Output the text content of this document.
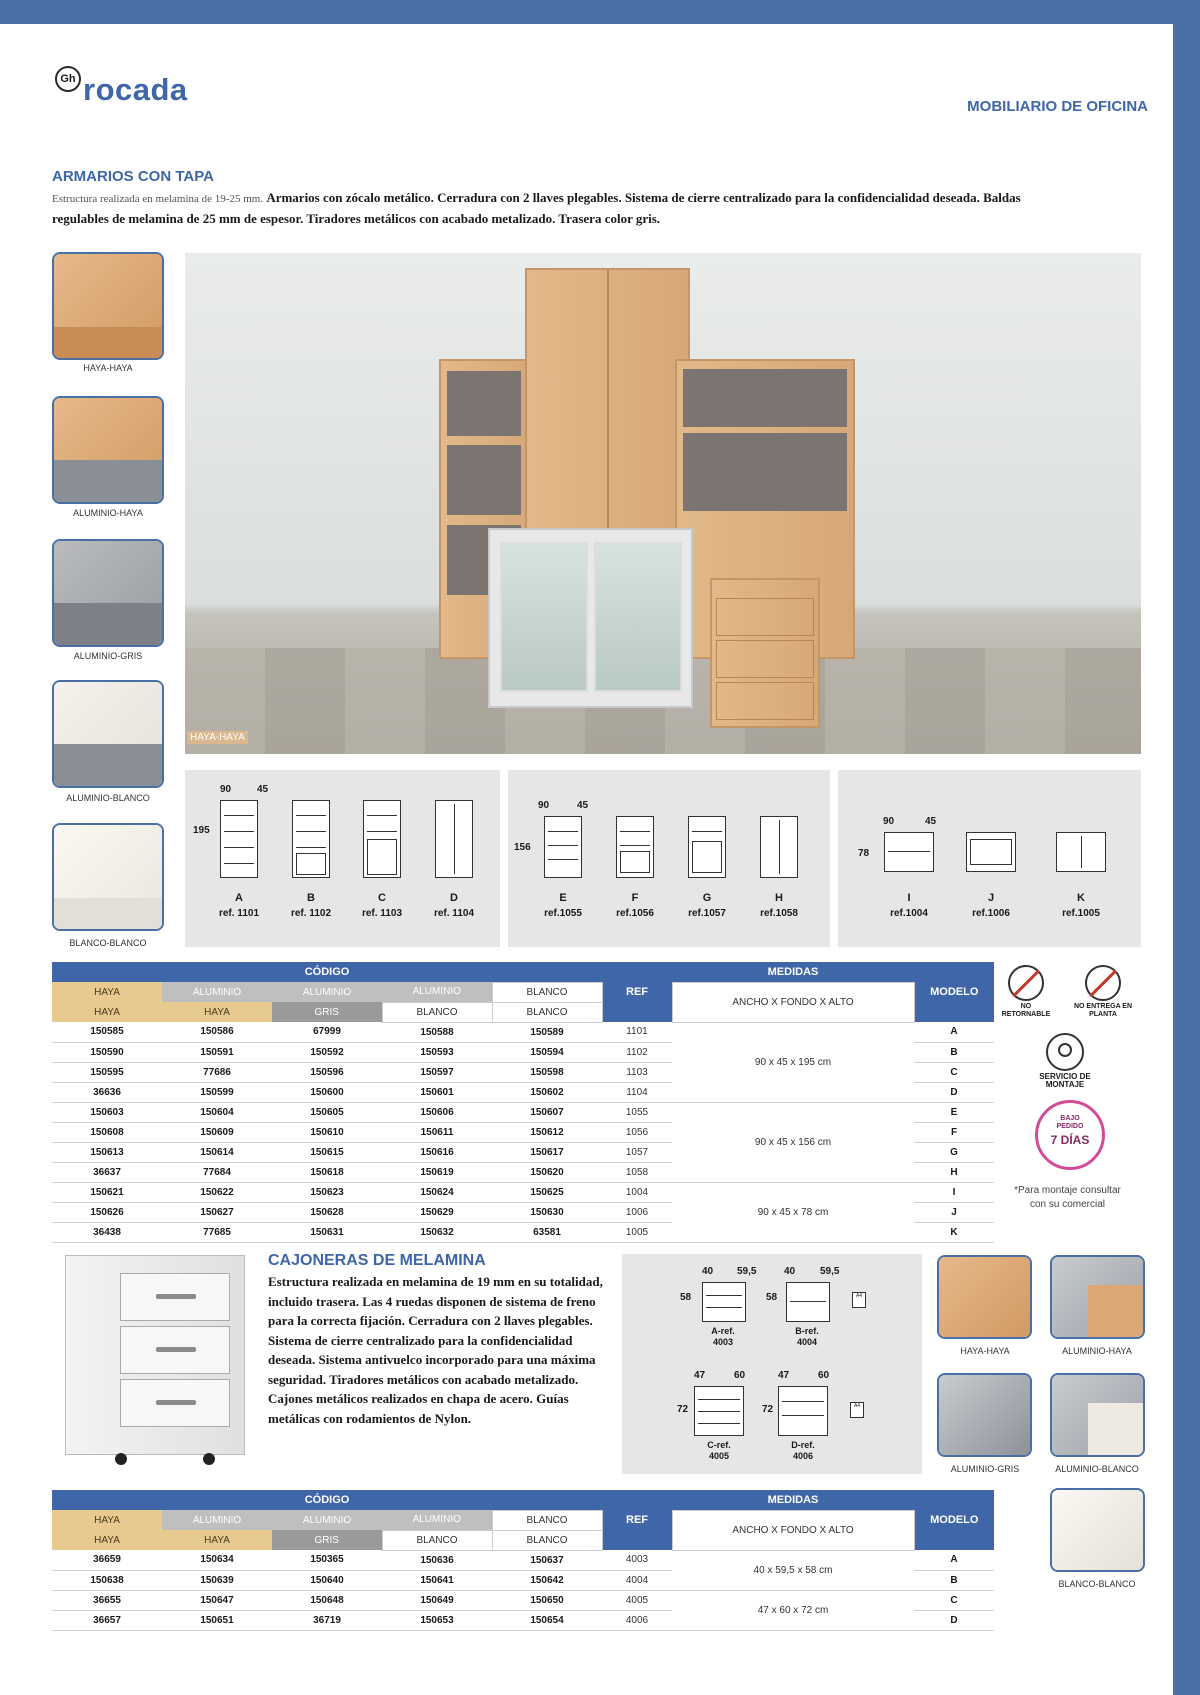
Gh rocada	MOBILIARIO DE OFICINA
ARMARIOS CON TAPA
Estructura realizada en melamina de 19-25 mm. Armarios con zócalo metálico. Cerradura con 2 llaves plegables. Sistema de cierre centralizado para la confidencialidad deseada. Baldas regulables de melamina de 25 mm de espesor. Tiradores metálicos con acabado metalizado. Trasera color gris.
HAYA-HAYA
ALUMINIO-HAYA
ALUMINIO-GRIS
ALUMINIO-BLANCO
BLANCO-BLANCO
HAYA-HAYA
90	45
195
A
ref. 1101
B
ref. 1102
C
ref. 1103
D
ref. 1104
90	45
156
E
ref.1055
F
ref.1056
G
ref.1057
H
ref.1058
90	45
78
I
ref.1004
J
ref.1006
K
ref.1005
CÓDIGO					REF	MEDIDAS	MODELO
HAYA	ALUMINIO	ALUMINIO	ALUMINIO	BLANCO		ANCHO X FONDO X ALTO	
HAYA	HAYA	GRIS	BLANCO	BLANCO			
150585	150586	67999	150588	150589	1101	90 x 45 x 195 cm	A
150590	150591	150592	150593	150594	1102		B
150595	77686	150596	150597	150598	1103		C
36636	150599	150600	150601	150602	1104		D
150603	150604	150605	150606	150607	1055	90 x 45 x 156 cm	E
150608	150609	150610	150611	150612	1056		F
150613	150614	150615	150616	150617	1057		G
36637	77684	150618	150619	150620	1058		H
150621	150622	150623	150624	150625	1004	90 x 45 x 78 cm	I
150626	150627	150628	150629	150630	1006		J
36438	77685	150631	150632	63581	1005		K
NO RETORNABLE
NO ENTREGA EN PLANTA
SERVICIO DE MONTAJE
BAJO PEDIDO
7 DÍAS
*Para montaje consultar con su comercial
CAJONERAS DE MELAMINA
Estructura realizada en melamina de 19 mm en su totalidad, incluido trasera. Las 4 ruedas disponen de sistema de freno para la correcta fijación. Cerradura con 2 llaves plegables. Sistema de cierre centralizado para la confidencialidad deseada. Sistema antivuelco incorporado para una máxima seguridad. Tiradores metálicos con acabado metalizado. Cajones metálicos realizados en chapa de acero. Guías metálicas con rodamientos de Nylon.
40 59,5
58
A-ref.
4003
40 59,5
58	A4
B-ref.
4004
47	60
72
C-ref.
4005
47	60
72	A4
D-ref.
4006
HAYA-HAYA	ALUMINIO-HAYA
ALUMINIO-GRIS	ALUMINIO-BLANCO
BLANCO-BLANCO
CÓDIGO					REF	MEDIDAS	MODELO
HAYA	ALUMINIO	ALUMINIO	ALUMINIO	BLANCO		ANCHO X FONDO X ALTO	
HAYA	HAYA	GRIS	BLANCO	BLANCO			
36659	150634	150365	150636	150637	4003	40 x 59,5 x 58 cm	A
150638	150639	150640	150641	150642	4004		B
36655	150647	150648	150649	150650	4005	47 x 60 x 72 cm	C
36657	150651	36719	150653	150654	4006		D
